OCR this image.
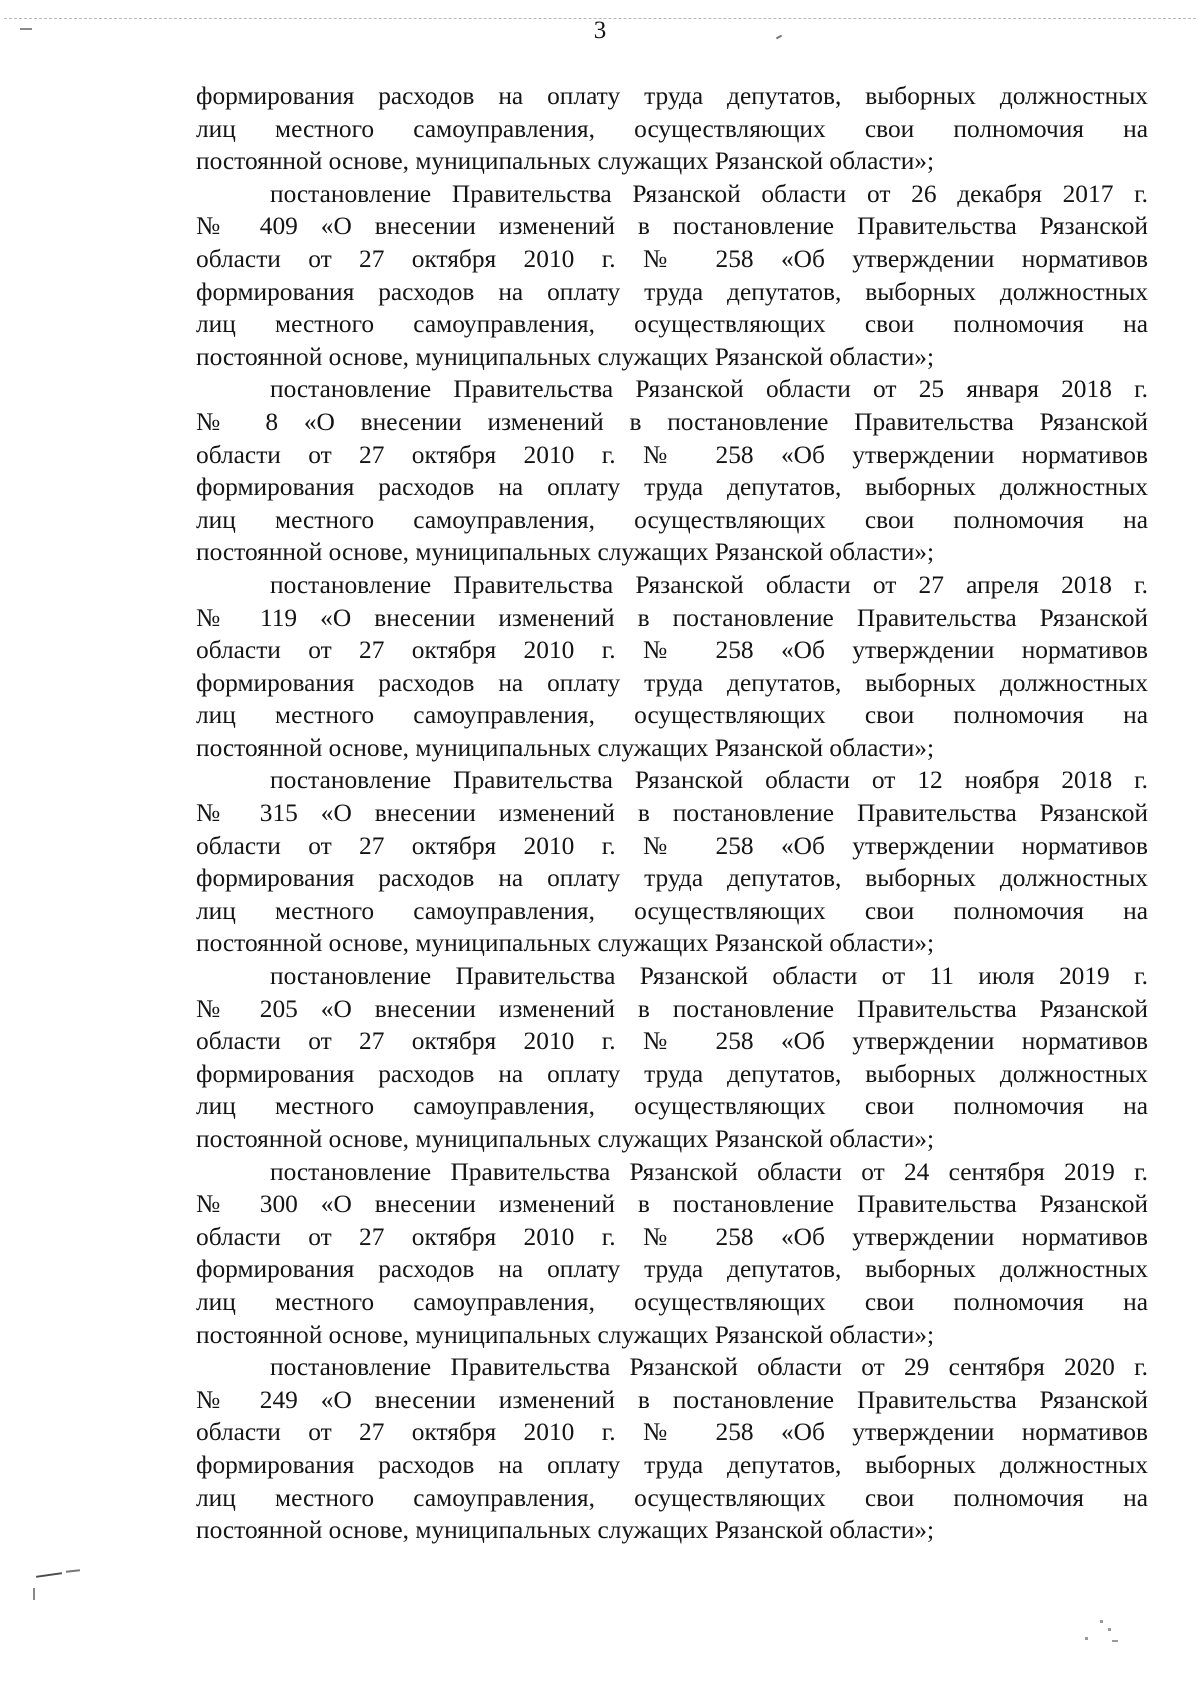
3
формирования расходов на оплату труда депутатов, выборных должностных
лиц местного самоуправления, осуществляющих свои полномочия на
постоянной основе, муниципальных служащих Рязанской области»;
постановление Правительства Рязанской области от 26 декабря 2017 г.
№ 409 «О внесении изменений в постановление Правительства Рязанской
области от 27 октября 2010 г. № 258 «Об утверждении нормативов
формирования расходов на оплату труда депутатов, выборных должностных
лиц местного самоуправления, осуществляющих свои полномочия на
постоянной основе, муниципальных служащих Рязанской области»;
постановление Правительства Рязанской области от 25 января 2018 г.
№ 8 «О внесении изменений в постановление Правительства Рязанской
области от 27 октября 2010 г. № 258 «Об утверждении нормативов
формирования расходов на оплату труда депутатов, выборных должностных
лиц местного самоуправления, осуществляющих свои полномочия на
постоянной основе, муниципальных служащих Рязанской области»;
постановление Правительства Рязанской области от 27 апреля 2018 г.
№ 119 «О внесении изменений в постановление Правительства Рязанской
области от 27 октября 2010 г. № 258 «Об утверждении нормативов
формирования расходов на оплату труда депутатов, выборных должностных
лиц местного самоуправления, осуществляющих свои полномочия на
постоянной основе, муниципальных служащих Рязанской области»;
постановление Правительства Рязанской области от 12 ноября 2018 г.
№ 315 «О внесении изменений в постановление Правительства Рязанской
области от 27 октября 2010 г. № 258 «Об утверждении нормативов
формирования расходов на оплату труда депутатов, выборных должностных
лиц местного самоуправления, осуществляющих свои полномочия на
постоянной основе, муниципальных служащих Рязанской области»;
постановление Правительства Рязанской области от 11 июля 2019 г.
№ 205 «О внесении изменений в постановление Правительства Рязанской
области от 27 октября 2010 г. № 258 «Об утверждении нормативов
формирования расходов на оплату труда депутатов, выборных должностных
лиц местного самоуправления, осуществляющих свои полномочия на
постоянной основе, муниципальных служащих Рязанской области»;
постановление Правительства Рязанской области от 24 сентября 2019 г.
№ 300 «О внесении изменений в постановление Правительства Рязанской
области от 27 октября 2010 г. № 258 «Об утверждении нормативов
формирования расходов на оплату труда депутатов, выборных должностных
лиц местного самоуправления, осуществляющих свои полномочия на
постоянной основе, муниципальных служащих Рязанской области»;
постановление Правительства Рязанской области от 29 сентября 2020 г.
№ 249 «О внесении изменений в постановление Правительства Рязанской
области от 27 октября 2010 г. № 258 «Об утверждении нормативов
формирования расходов на оплату труда депутатов, выборных должностных
лиц местного самоуправления, осуществляющих свои полномочия на
постоянной основе, муниципальных служащих Рязанской области»;
